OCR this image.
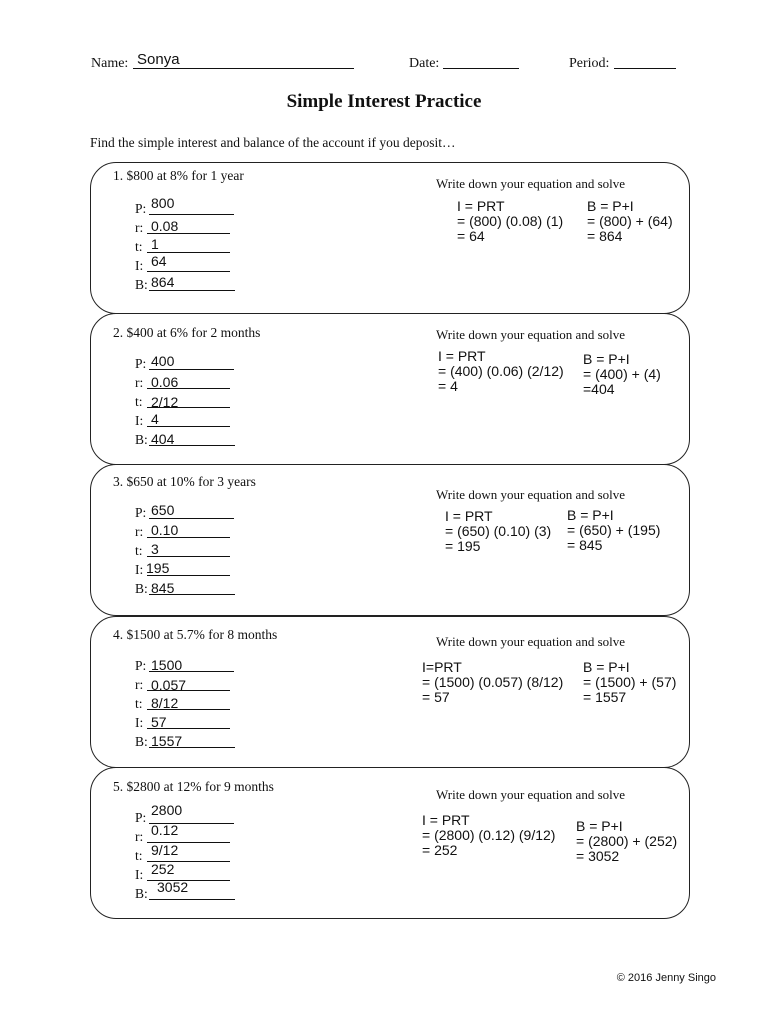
Name: Sonya	Date:	Period:
Simple Interest Practice
Find the simple interest and balance of the account if you deposit…
1. $800 at 8% for 1 year
Write down your equation and solve
P: 800
r: 0.08
t: 1
I: 64
B: 864
I = PRT
= (800) (0.08) (1)
= 64
B = P+I
= (800) + (64)
= 864
2. $400 at 6% for 2 months	Write down your equation and solve
P: 400
r: 0.06
t: 2/12
I: 4
B: 404
I = PRT
= (400) (0.06) (2/12)
= 4
B = P+I
= (400) + (4)
=404
3. $650 at 10% for 3 years
Write down your equation and solve
P: 650
r: 0.10
t: 3
I: 195
B: 845
I = PRT
= (650) (0.10) (3)
= 195
B = P+I
= (650) + (195)
= 845
4. $1500 at 5.7% for 8 months	Write down your equation and solve
P: 1500
r: 0.057
t: 8/12
I: 57
B: 1557
I=PRT
= (1500) (0.057) (8/12)
= 57
B = P+I
= (1500) + (57)
= 1557
5. $2800 at 12% for 9 months
Write down your equation and solve
P: 2800
r: 0.12
t: 9/12
I: 252
B: 3052
I = PRT
= (2800) (0.12) (9/12)
= 252
B = P+I
= (2800) + (252)
= 3052
© 2016 Jenny Singo
